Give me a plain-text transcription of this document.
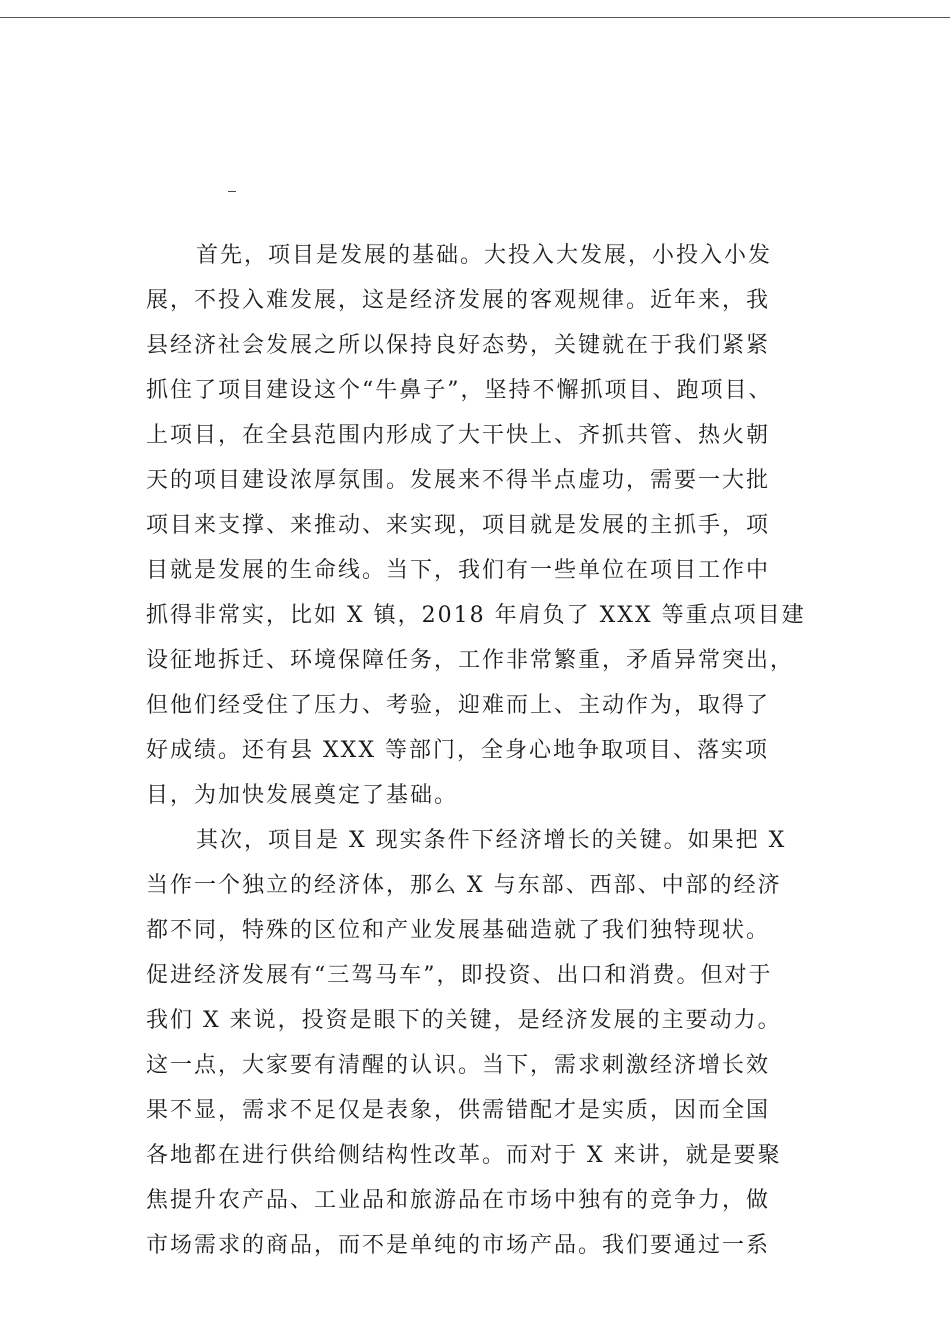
首先，项目是发展的基础。大投入大发展，小投入小发
展，不投入难发展，这是经济发展的客观规律。近年来，我
县经济社会发展之所以保持良好态势，关键就在于我们紧紧
抓住了项目建设这个“牛鼻子”，坚持不懈抓项目、跑项目、
上项目，在全县范围内形成了大干快上、齐抓共管、热火朝
天的项目建设浓厚氛围。发展来不得半点虚功，需要一大批
项目来支撑、来推动、来实现，项目就是发展的主抓手，项
目就是发展的生命线。当下，我们有一些单位在项目工作中
抓得非常实，比如 X 镇，2018 年肩负了 XXX 等重点项目建
设征地拆迁、环境保障任务，工作非常繁重，矛盾异常突出，
但他们经受住了压力、考验，迎难而上、主动作为，取得了
好成绩。还有县 XXX 等部门，全身心地争取项目、落实项
目，为加快发展奠定了基础。
其次，项目是 X 现实条件下经济增长的关键。如果把 X
当作一个独立的经济体，那么 X 与东部、西部、中部的经济
都不同，特殊的区位和产业发展基础造就了我们独特现状。
促进经济发展有“三驾马车”，即投资、出口和消费。但对于
我们 X 来说，投资是眼下的关键，是经济发展的主要动力。
这一点，大家要有清醒的认识。当下，需求刺激经济增长效
果不显，需求不足仅是表象，供需错配才是实质，因而全国
各地都在进行供给侧结构性改革。而对于 X 来讲，就是要聚
焦提升农产品、工业品和旅游品在市场中独有的竞争力，做
市场需求的商品，而不是单纯的市场产品。我们要通过一系
